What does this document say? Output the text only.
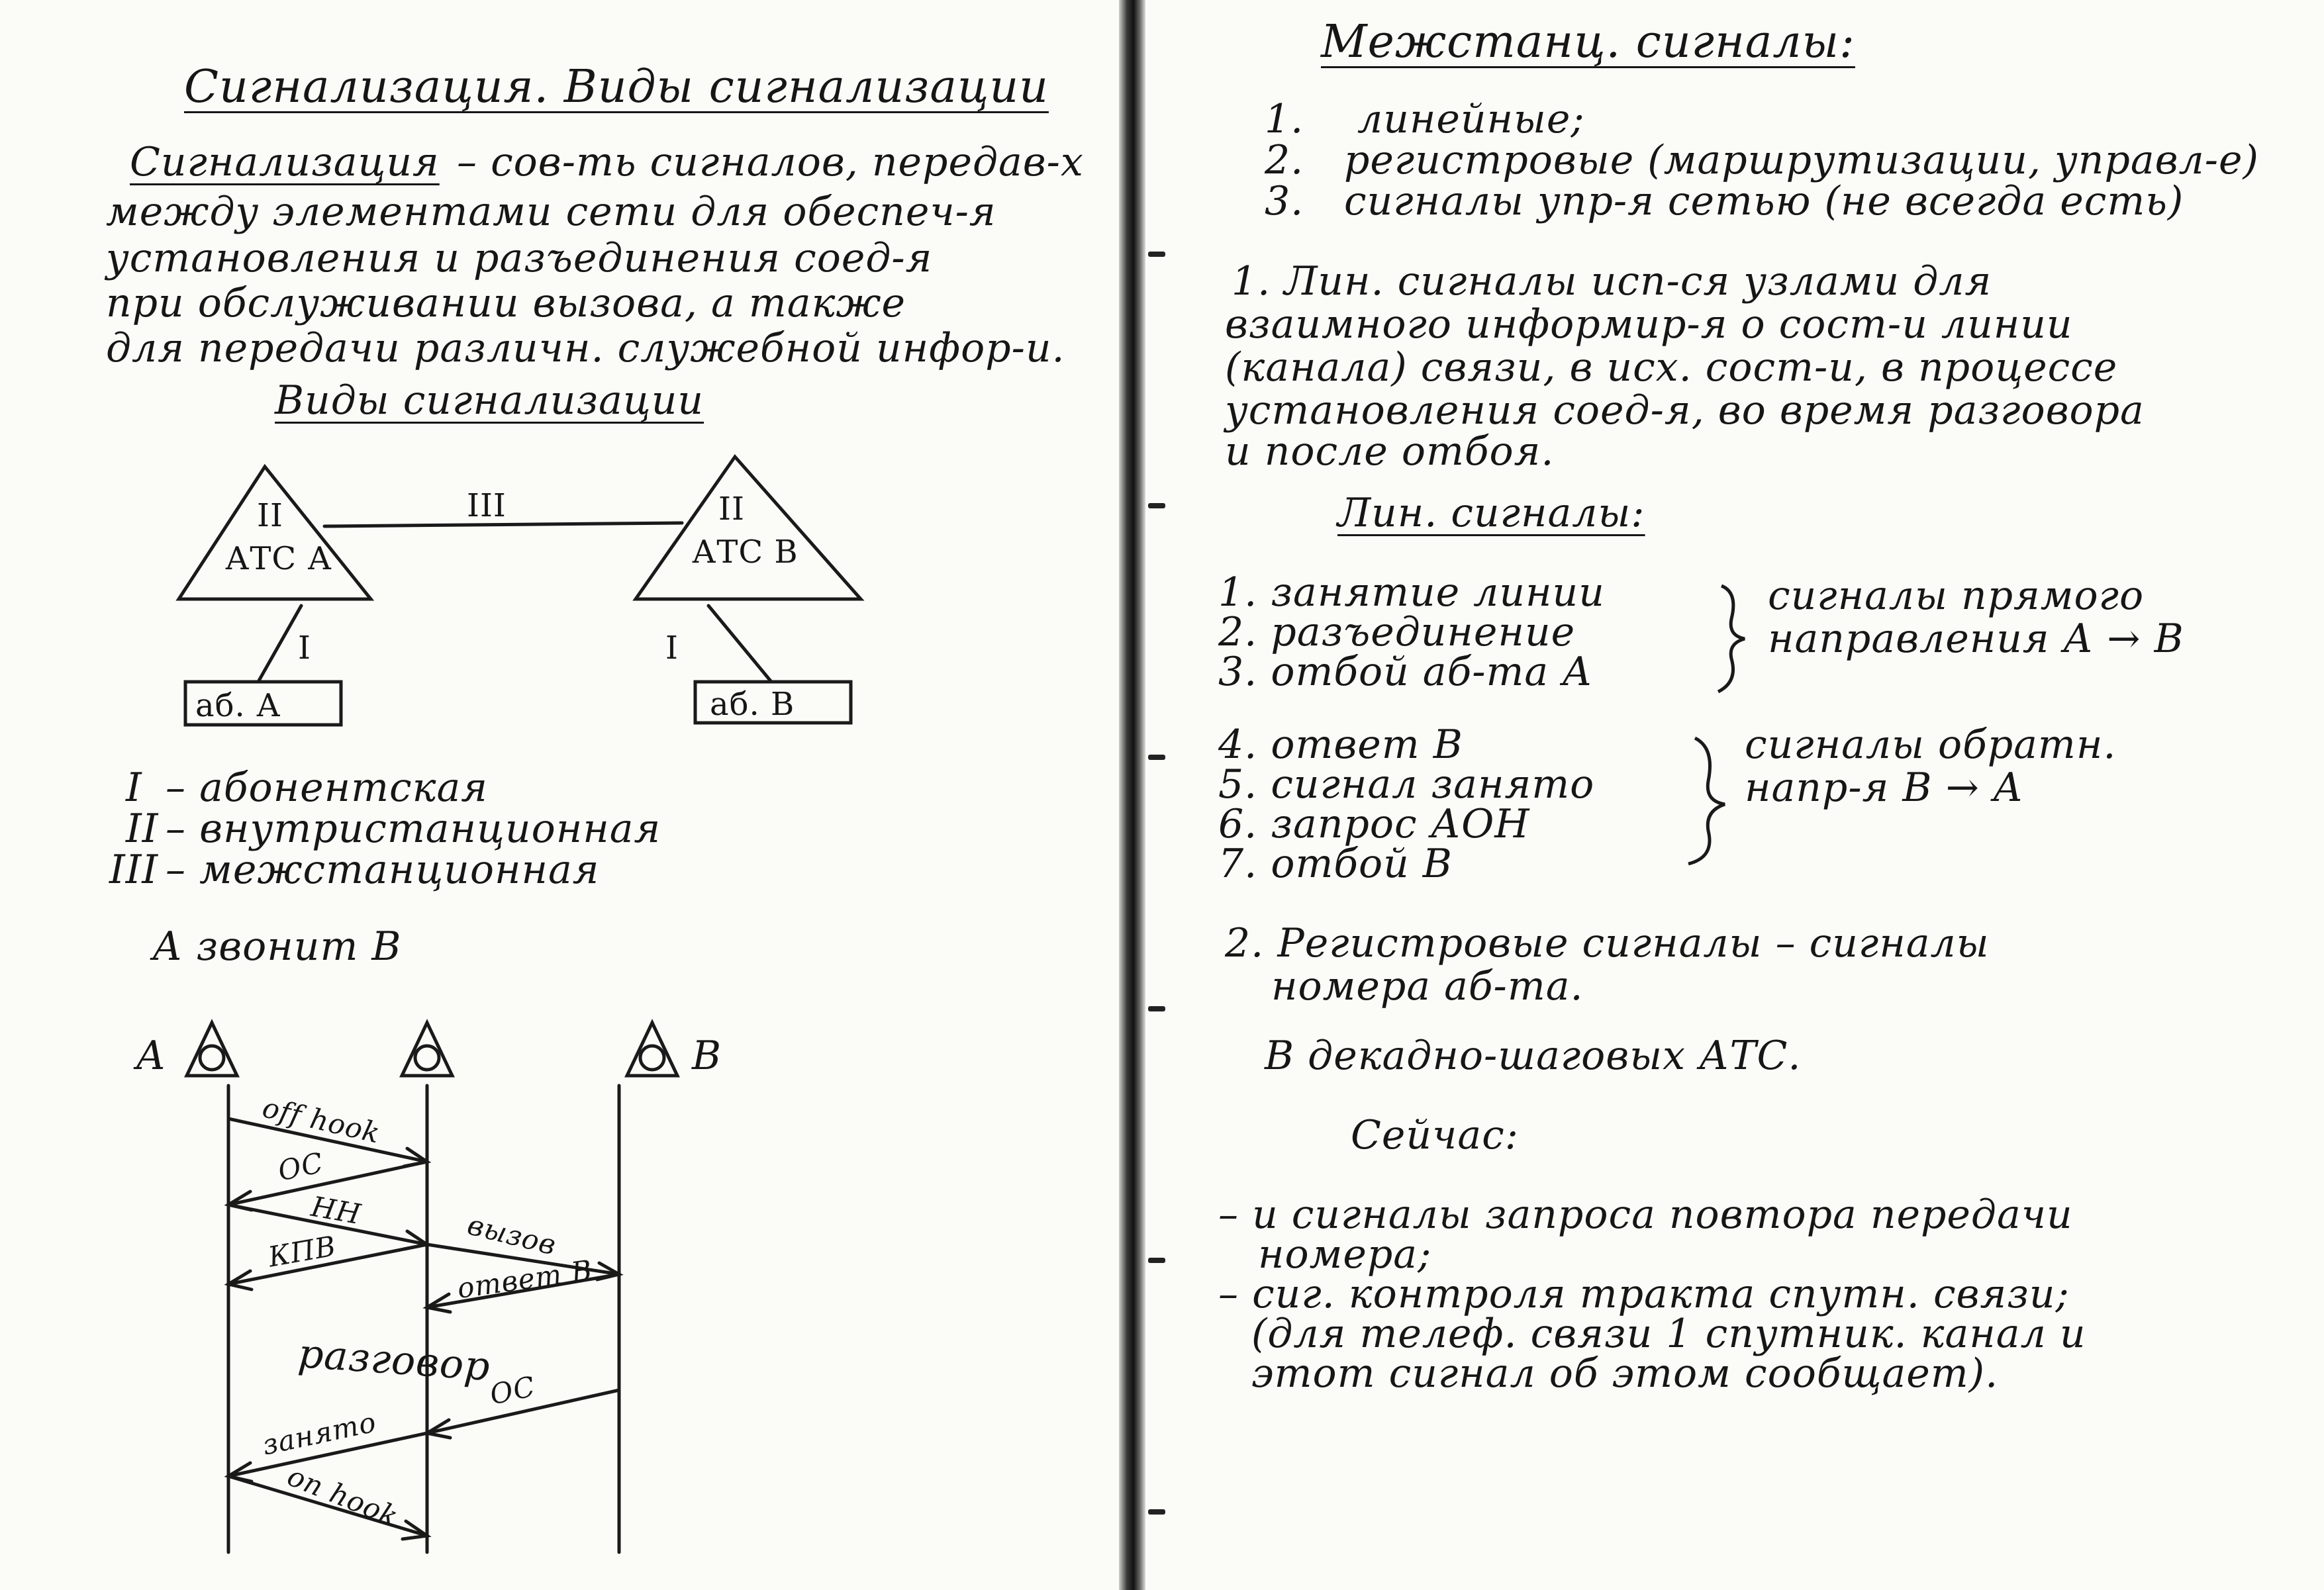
Сигнализация. Виды сигнализации
Сигнализация – сов-ть сигналов, передав-х
между элементами сети для обеспеч-я
установления и разъединения соед-я
при обслуживании вызова, а также
для передачи различн. служебной инфор-и.
Виды сигнализации
II
АТС А
II
АТС В
III
I	I
аб. А	аб. В
I – абонентская
II – внутристанционная
III – межстанционная
А звонит В
А	В
off hook
ОС
НН
КПВ	вызов
ответ В
разговор
ОС
занято
on hook
Межстанц. сигналы:
1. линейные;
2. регистровые (маршрутизации, управл-е)
3. сигналы упр-я сетью (не всегда есть)
1. Лин. сигналы исп-ся узлами для
взаимного информир-я о сост-и линии
(канала) связи, в исх. сост-и, в процессе
установления соед-я, во время разговора
и после отбоя.
Лин. сигналы:
1. занятие линии
2. разъединение
3. отбой аб-та А
сигналы прямого
направления А → В
4. ответ В
5. сигнал занято
6. запрос АОН
7. отбой В
сигналы обратн.
напр-я В → А
2. Регистровые сигналы – сигналы
номера аб-та.
В декадно-шаговых АТС.
Сейчас:
– и сигналы запроса повтора передачи
номера;
– сиг. контроля тракта спутн. связи;
(для телеф. связи 1 спутник. канал и
этот сигнал об этом сообщает).
